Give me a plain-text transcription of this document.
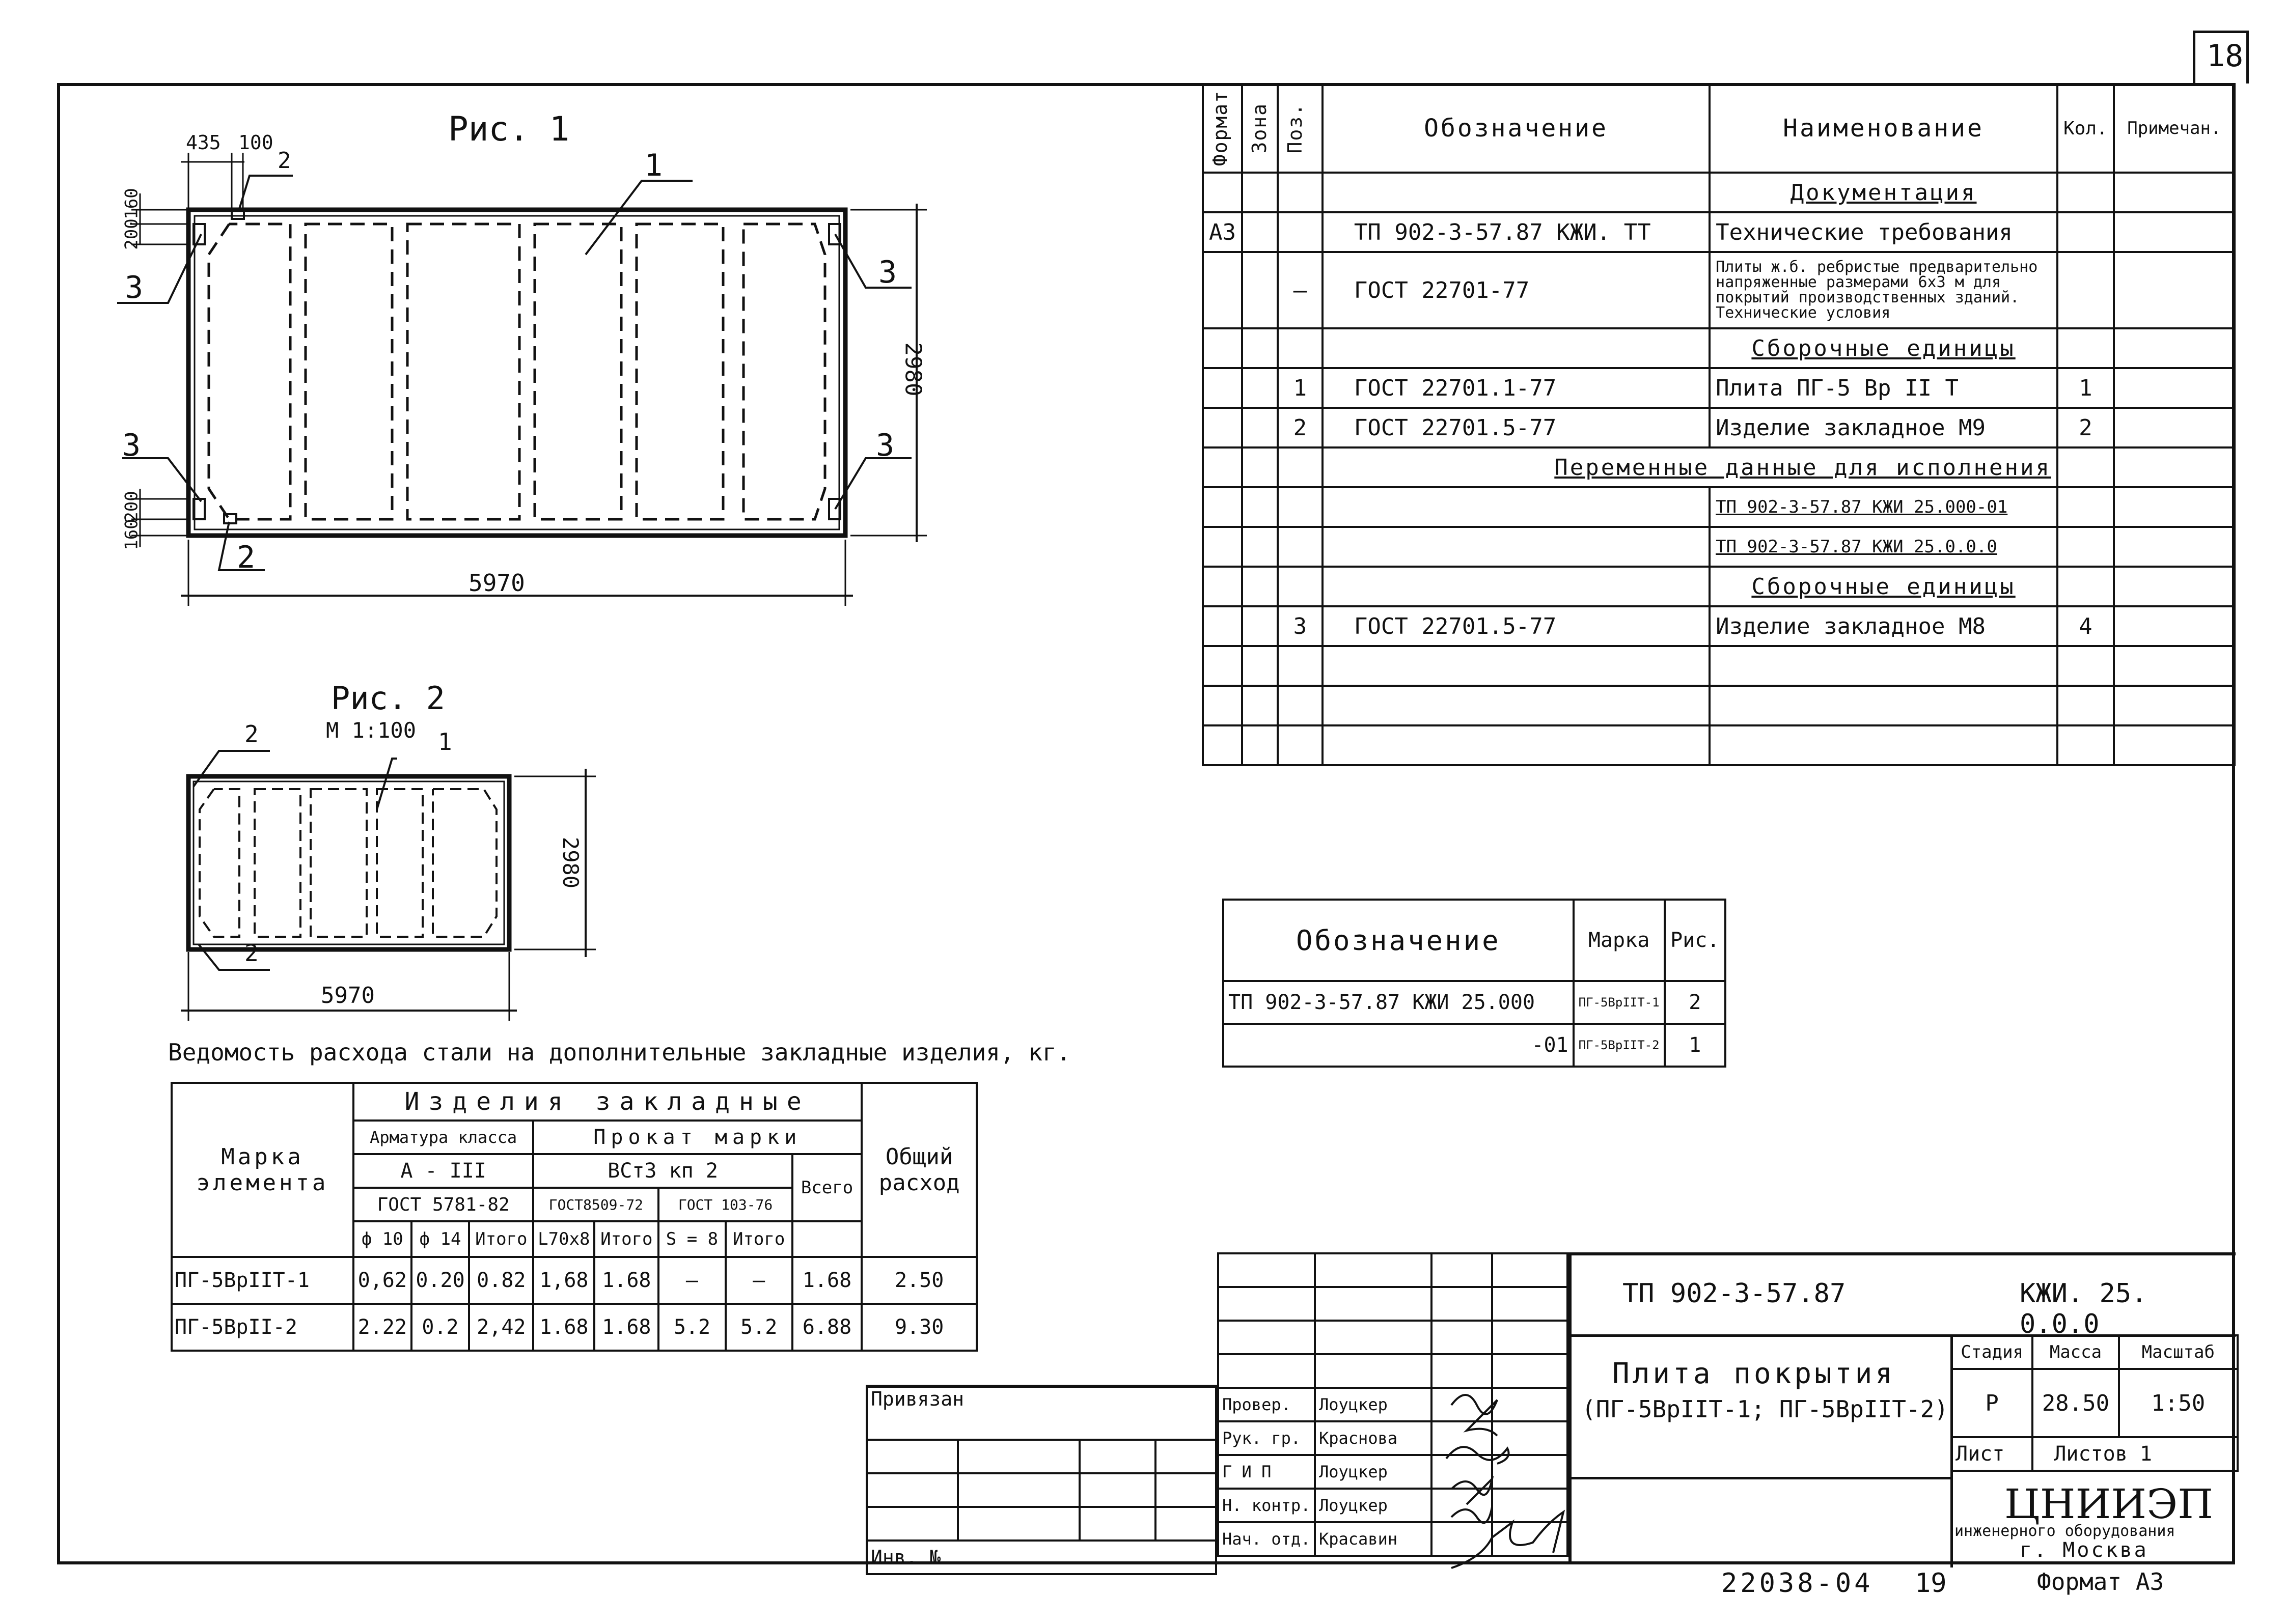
18
Рис. 1
5970
2980
435 100
160
200
200
160
1
2
3	3
3	3
2
Рис. 2
М 1:100
5970
2980
2	1
2
Формат	Зона	Поз.	Обозначение	Наименование	Кол.	Примечан.
				Документация		
А3			ТП 902-3-57.87 КЖИ. ТТ	Технические требования		
		—	ГОСТ 22701-77	Плиты ж.б. ребристые предварительно напряженные размерами 6х3 м для покрытий производственных зданий. Технические условия		
				Сборочные единицы		
		1	ГОСТ 22701.1-77	Плита ПГ-5 Вр II Т	1	
		2	ГОСТ 22701.5-77	Изделие закладное М9	2	
			Переменные данные для исполнения			
				ТП 902-3-57.87 КЖИ 25.000-01		
				ТП 902-3-57.87 КЖИ 25.0.0.0		
				Сборочные единицы		
		3	ГОСТ 22701.5-77	Изделие закладное М8	4	

Обозначение	Марка	Рис.
ТП 902-3-57.87 КЖИ 25.000	ПГ-5ВрIIТ-1	2
-01	ПГ-5ВрIIТ-2	1
Ведомость расхода стали на дополнительные закладные изделия, кг.
Марка элемента	Изделия закладные								Общий расход
	Арматура класса			Прокат марки					
	А - III			ВСт3 кп 2				Всего	
	ГОСТ 5781-82			ГОСТ8509-72		ГОСТ 103-76			
	ф 10	ф 14	Итого	L70х8	Итого	S = 8	Итого		
ПГ-5ВрIIТ-1	0,62	0.20	0.82	1,68	1.68	—	—	1.68	2.50
ПГ-5ВрII-2	2.22	0.2	2,42	1.68	1.68	5.2	5.2	6.88	9.30

Провер.	Лоуцкер		
Рук. гр.	Краснова		
Г И П	Лоуцкер		
Н. контр.	Лоуцкер		
Нач. отд.	Красавин		
Привязан			

Инв. №			
ТП 902-3-57.87	КЖИ. 25. 0.0.0
Плита покрытия
(ПГ-5ВрIIТ-1; ПГ-5ВрIIТ-2)
Стадия	Масса	Масштаб
Р	28.50	1:50
Лист	Листов 1	
ЦНИИЭП
инженерного оборудования
г. Москва
22038-04 19	Формат А3
